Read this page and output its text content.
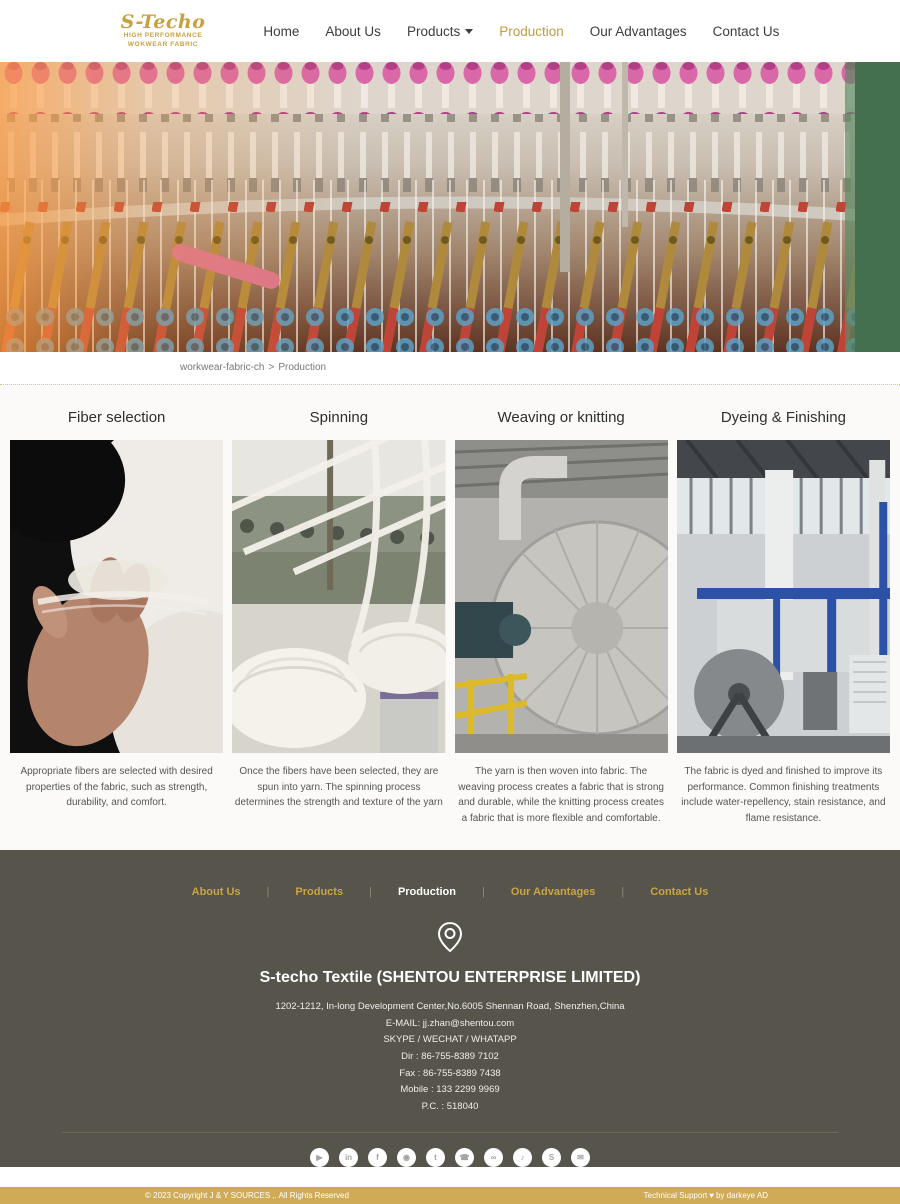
S-Techo
HIGH PERFORMANCE
WOKWEAR FABRIC
Home About Us Products	Production Our Advantages Contact Us
workwear-fabric-ch > Production
Fiber selection

Appropriate fibers are selected with desired properties of the fabric, such as strength, durability, and comfort.

Spinning

Once the fibers have been selected, they are spun into yarn. The spinning process determines the strength and texture of the yarn

Weaving or knitting

The yarn is then woven into fabric. The weaving process creates a fabric that is strong and durable, while the knitting process creates a fabric that is more flexible and comfortable.

Dyeing & Finishing

The fabric is dyed and finished to improve its performance. Common finishing treatments include water-repellency, stain resistance, and flame resistance.

About Us | Products | Production | Our Advantages | Contact Us
S-techo Textile (SHENTOU ENTERPRISE LIMITED)
1202-1212, In-long Development Center,No.6005 Shennan Road, Shenzhen,China
E-MAIL: jj.zhan@shentou.com
SKYPE / WECHAT / WHATAPP
Dir : 86-755-8389 7102
Fax : 86-755-8389 7438
Mobile : 133 2299 9969
P.C. : 518040
▶	in	f	◉	t	☎	∞	♪	S	✉
© 2023 Copyright J & Y SOURCES ,. All Rights Reserved	Technical Support ♥ by darkeye AD
